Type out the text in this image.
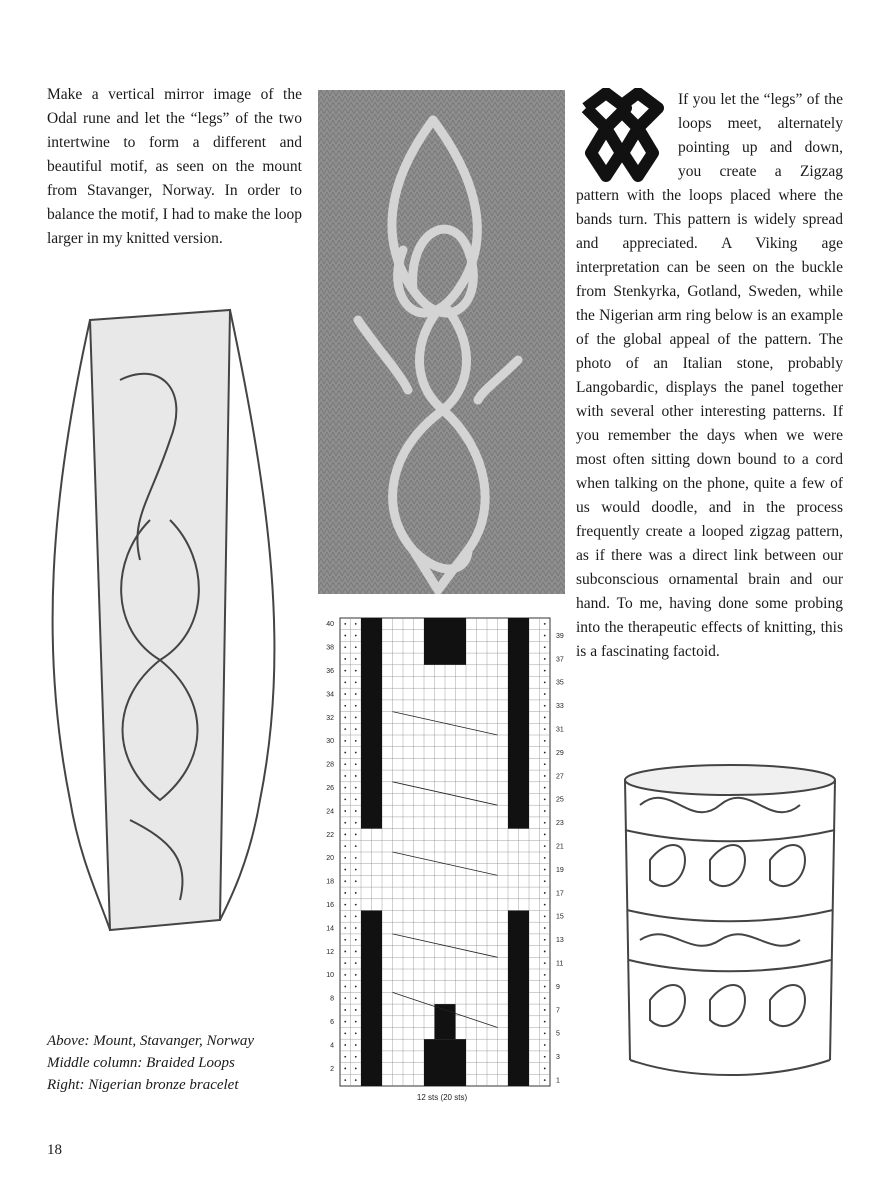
Make a vertical mirror image of the Odal rune and let the “legs” of the two intertwine to form a different and beautiful motif, as seen on the mount from Stavanger, Norway. In order to balance the motif, I had to make the loop larger in my knitted version.

If you let the “legs” of the loops meet, alternately pointing up and down, you create a Zigzag pattern with the loops placed where the bands turn. This pattern is widely spread and appreciated. A Viking age interpretation can be seen on the buckle from Stenkyrka, Gotland, Sweden, while the Nigerian arm ring below is an example of the global appeal of the pattern. The photo of an Italian stone, probably Langobardic, displays the panel together with several other interesting patterns. If you remember the days when we were most often sitting down bound to a cord when talking on the phone, quite a few of us would doodle, and in the process frequently create a looped zigzag pattern, as if there was a direct link between our subconscious ornamental brain and our hand. To me, having done some probing into the therapeutic effects of knitting, this is a fascinating factoid.
2
4
6
8
10
12
14
16
18
20
22
24
26
28
30
32
34
36
38
40
1
3
5
7
9
11
13
15
17
19
21
23
25
27
29
31
33
35
37
39
12 sts (20 sts)
Above: Mount, Stavanger, Norway
Middle column: Braided Loops
Right: Nigerian bronze bracelet
18
